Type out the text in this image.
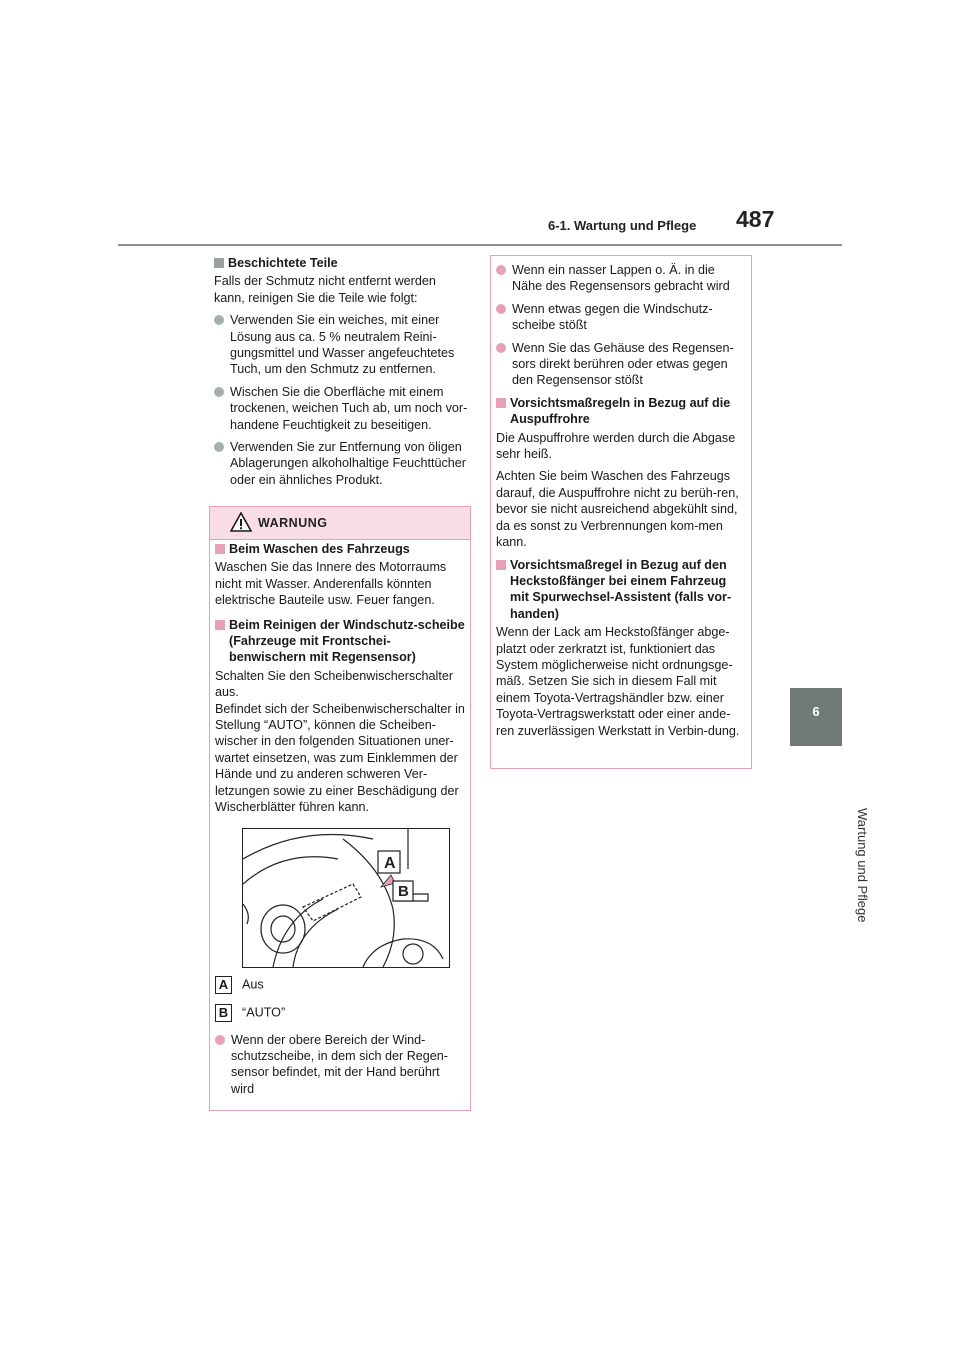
6-1. Wartung und Pflege 487
6
Wartung und Pflege
Beschichtete Teile
Falls der Schmutz nicht entfernt werden kann, reinigen Sie die Teile wie folgt:
Verwenden Sie ein weiches, mit einer Lösung aus ca. 5 % neutralem Reini-gungsmittel und Wasser angefeuchtetes Tuch, um den Schmutz zu entfernen.
Wischen Sie die Oberfläche mit einem trockenen, weichen Tuch ab, um noch vor-handene Feuchtigkeit zu beseitigen.
Verwenden Sie zur Entfernung von öligen Ablagerungen alkoholhaltige Feuchttücher oder ein ähnliches Produkt.
WARNUNG
Beim Waschen des Fahrzeugs
Waschen Sie das Innere des Motorraums nicht mit Wasser. Anderenfalls könnten elektrische Bauteile usw. Feuer fangen.
Beim Reinigen der Windschutz-scheibe (Fahrzeuge mit Frontschei-benwischern mit Regensensor)
Schalten Sie den Scheibenwischerschalter aus.
Befindet sich der Scheibenwischerschalter in Stellung “AUTO”, können die Scheiben-wischer in den folgenden Situationen uner-wartet einsetzen, was zum Einklemmen der Hände und zu anderen schweren Ver-letzungen sowie zu einer Beschädigung der Wischerblätter führen kann.
A
B
A Aus
B “AUTO”
Wenn der obere Bereich der Wind-schutzscheibe, in dem sich der Regen-sensor befindet, mit der Hand berührt wird
Wenn ein nasser Lappen o. Ä. in die Nähe des Regensensors gebracht wird
Wenn etwas gegen die Windschutz-scheibe stößt
Wenn Sie das Gehäuse des Regensen-sors direkt berühren oder etwas gegen den Regensensor stößt
Vorsichtsmaßregeln in Bezug auf die Auspuffrohre
Die Auspuffrohre werden durch die Abgase sehr heiß.
Achten Sie beim Waschen des Fahrzeugs darauf, die Auspuffrohre nicht zu berüh-ren, bevor sie nicht ausreichend abgekühlt sind, da es sonst zu Verbrennungen kom-men kann.
Vorsichtsmaßregel in Bezug auf den Heckstoßfänger bei einem Fahrzeug mit Spurwechsel-Assistent (falls vor-handen)
Wenn der Lack am Heckstoßfänger abge-platzt oder zerkratzt ist, funktioniert das System möglicherweise nicht ordnungsge-mäß. Setzen Sie sich in diesem Fall mit einem Toyota-Vertragshändler bzw. einer Toyota-Vertragswerkstatt oder einer ande-ren zuverlässigen Werkstatt in Verbin-dung.
